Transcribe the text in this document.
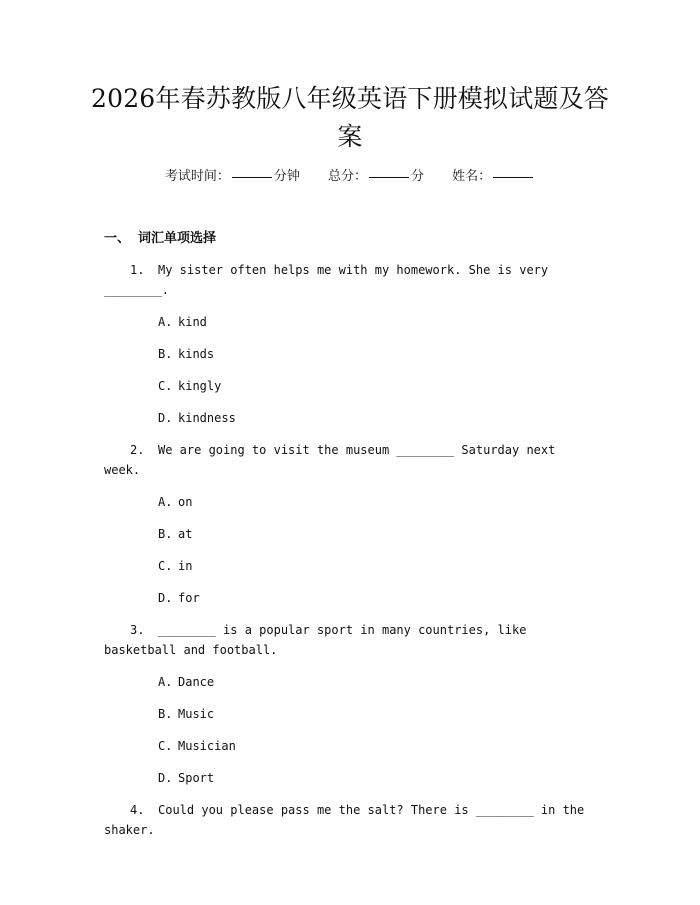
2026年春苏教版八年级英语下册模拟试题及答案
考试时间：	分钟 总分：	分 姓名：
一、 词汇单项选择
1. My sister often helps me with my homework. She is very ________.
A. kind
B. kinds
C. kingly
D. kindness
2. We are going to visit the museum ________ Saturday next week.
A. on
B. at
C. in
D. for
3. ________ is a popular sport in many countries, like basketball and football.
A. Dance
B. Music
C. Musician
D. Sport
4. Could you please pass me the salt? There is ________ in the shaker.
